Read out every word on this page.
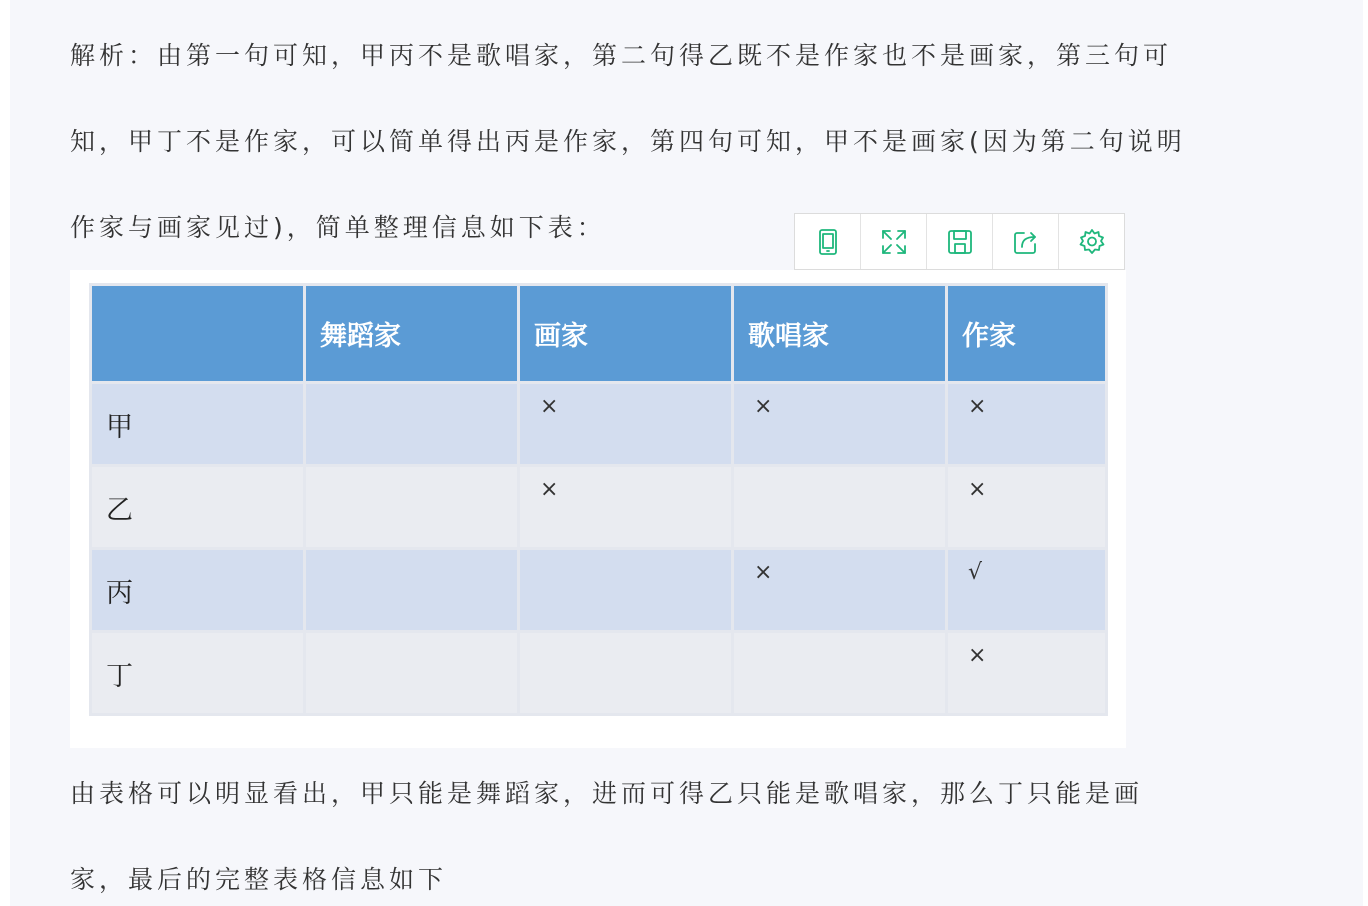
解析：由第一句可知，甲丙不是歌唱家，第二句得乙既不是作家也不是画家，第三句可

知，甲丁不是作家，可以简单得出丙是作家，第四句可知，甲不是画家(因为第二句说明

作家与画家见过)，简单整理信息如下表：

	舞蹈家	画家	歌唱家	作家
甲		×	×	×
乙		×		×
丙			×	√
丁				×

由表格可以明显看出，甲只能是舞蹈家，进而可得乙只能是歌唱家，那么丁只能是画

家，最后的完整表格信息如下
